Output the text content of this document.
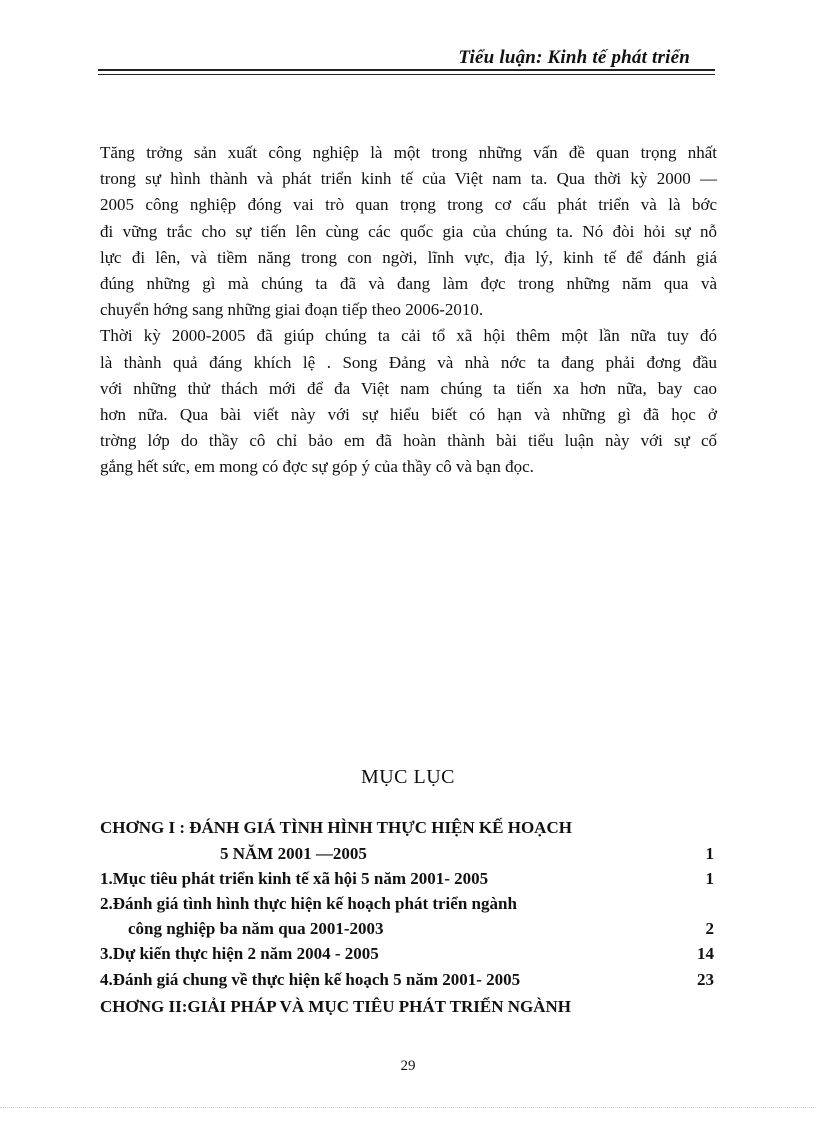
Tiểu luận: Kinh tế phát triển
Tăng trởng sản xuất công nghiệp là một trong những vấn đề quan trọng nhất
trong sự hình thành và phát triển kinh tế của Việt nam ta. Qua thời kỳ 2000 —
2005 công nghiệp đóng vai trò quan trọng trong cơ cấu phát triển và là bớc
đi vững trắc cho sự tiến lên cùng các quốc gia của chúng ta. Nó đòi hỏi sự nỗ
lực đi lên, và tiềm năng trong con ngời, lĩnh vực, địa lý, kinh tế để đánh giá
đúng những gì mà chúng ta đã và đang làm đợc trong những năm qua và
chuyển hớng sang những giai đoạn tiếp theo 2006-2010.
Thời kỳ 2000-2005 đã giúp chúng ta cải tổ xã hội thêm một lần nữa tuy đó
là thành quả đáng khích lệ . Song Đảng và nhà nớc ta đang phải đơng đầu
với những thử thách mới để đa Việt nam chúng ta tiến xa hơn nữa, bay cao
hơn nữa. Qua bài viết này với sự hiểu biết có hạn và những gì đã học ở
trờng lớp do thầy cô chỉ bảo em đã hoàn thành bài tiểu luận này với sự cố
gắng hết sức, em mong có đợc sự góp ý của thầy cô và bạn đọc.
MỤC LỤC
CHƠNG I : ĐÁNH GIÁ TÌNH HÌNH THỰC HIỆN KẾ HOẠCH
5 NĂM 2001 —2005	1
1.Mục tiêu phát triển kinh tế xã hội 5 năm 2001- 2005	1
2.Đánh giá tình hình thực hiện kế hoạch phát triển ngành
công nghiệp ba năm qua 2001-2003	2
3.Dự kiến thực hiện 2 năm 2004 - 2005	14
4.Đánh giá chung về thực hiện kế hoạch 5 năm 2001- 2005	23
CHƠNG II:GIẢI PHÁP VÀ MỤC TIÊU PHÁT TRIỂN NGÀNH
29
